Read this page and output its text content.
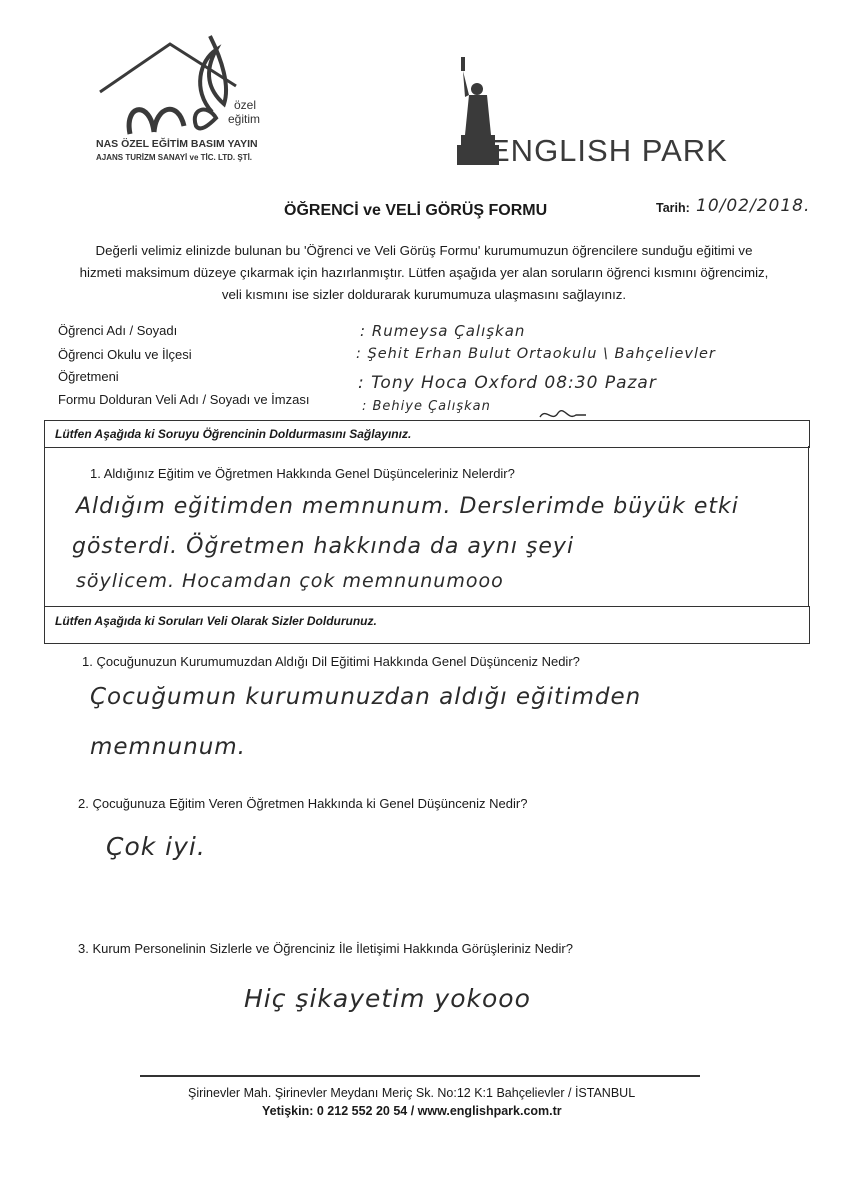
özel
eğitim
NAS ÖZEL EĞİTİM BASIM YAYIN
AJANS TURİZM SANAYİ ve TİC. LTD. ŞTİ.	ENGLISH PARK
ÖĞRENCİ ve VELİ GÖRÜŞ FORMU	Tarih: 10/02/2018.
Değerli velimiz elinizde bulunan bu 'Öğrenci ve Veli Görüş Formu' kurumumuzun öğrencilere sunduğu eğitimi ve
hizmeti maksimum düzeye çıkarmak için hazırlanmıştır. Lütfen aşağıda yer alan soruların öğrenci kısmını öğrencimiz,
veli kısmını ise sizler doldurarak kurumumuza ulaşmasını sağlayınız.
Öğrenci Adı / Soyadı
Öğrenci Okulu ve İlçesi
Öğretmeni
Formu Dolduran Veli Adı / Soyadı ve İmzası
: Rumeysa Çalışkan
: Şehit Erhan Bulut Ortaokulu \ Bahçelievler
: Tony Hoca Oxford 08:30 Pazar
: Behiye Çalışkan
Lütfen Aşağıda ki Soruyu Öğrencinin Doldurmasını Sağlayınız.
1. Aldığınız Eğitim ve Öğretmen Hakkında Genel Düşünceleriniz Nelerdir?
Aldığım eğitimden memnunum. Derslerimde büyük etki
gösterdi. Öğretmen hakkında da aynı şeyi
söylicem. Hocamdan çok memnunumooo
Lütfen Aşağıda ki Soruları Veli Olarak Sizler Doldurunuz.
1. Çocuğunuzun Kurumumuzdan Aldığı Dil Eğitimi Hakkında Genel Düşünceniz Nedir?
Çocuğumun kurumunuzdan aldığı eğitimden
memnunum.
2. Çocuğunuza Eğitim Veren Öğretmen Hakkında ki Genel Düşünceniz Nedir?
Çok iyi.
3. Kurum Personelinin Sizlerle ve Öğrenciniz İle İletişimi Hakkında Görüşleriniz Nedir?
Hiç şikayetim yokooo
Şirinevler Mah. Şirinevler Meydanı Meriç Sk. No:12 K:1 Bahçelievler / İSTANBUL
Yetişkin: 0 212 552 20 54 / www.englishpark.com.tr
